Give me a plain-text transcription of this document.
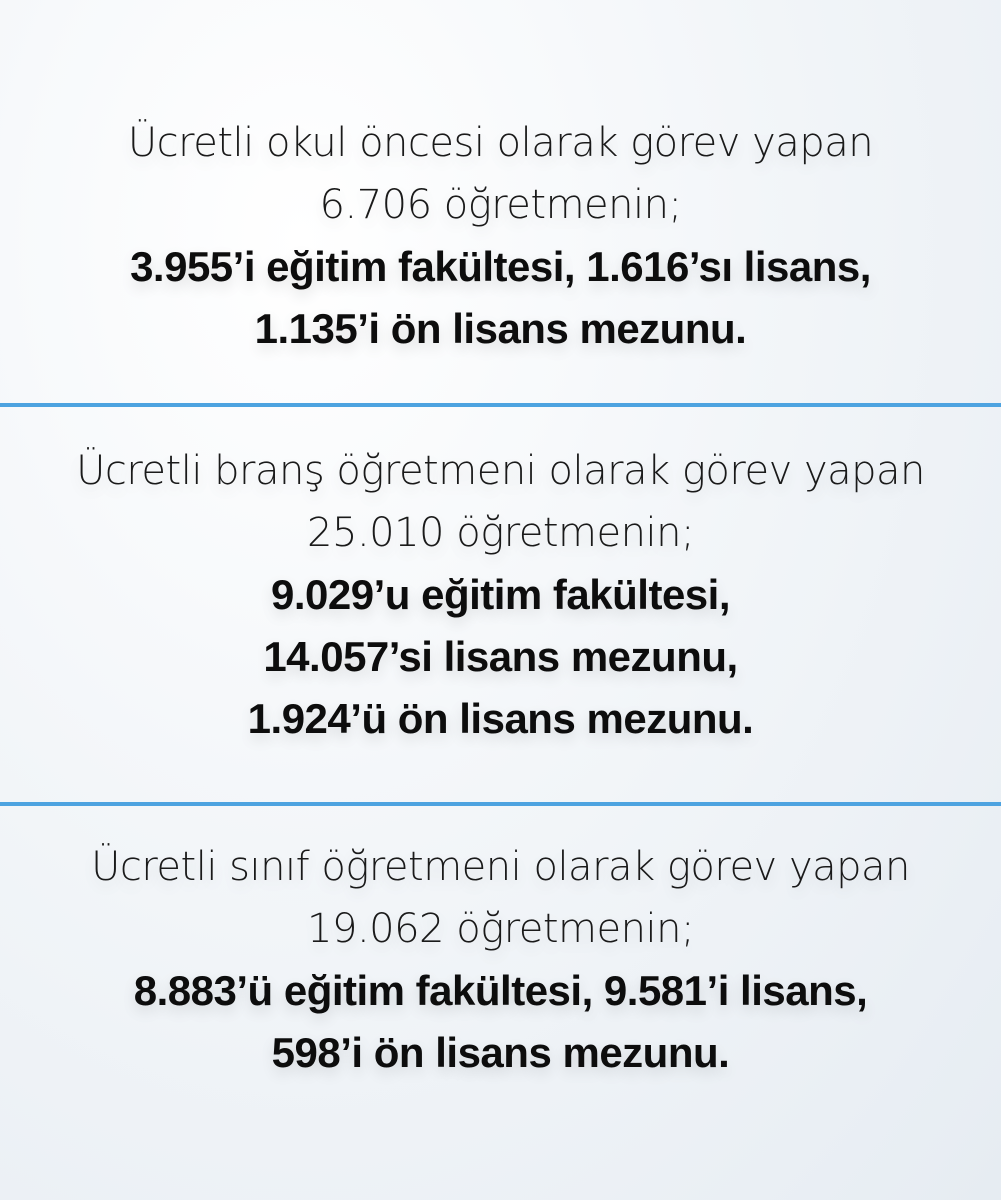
Ücretli okul öncesi olarak görev yapan
6.706 öğretmenin;
3.955’i eğitim fakültesi, 1.616’sı lisans,
1.135’i ön lisans mezunu.
Ücretli branş öğretmeni olarak görev yapan
25.010 öğretmenin;
9.029’u eğitim fakültesi,
14.057’si lisans mezunu,
1.924’ü ön lisans mezunu.
Ücretli sınıf öğretmeni olarak görev yapan
19.062 öğretmenin;
8.883’ü eğitim fakültesi, 9.581’i lisans,
598’i ön lisans mezunu.
